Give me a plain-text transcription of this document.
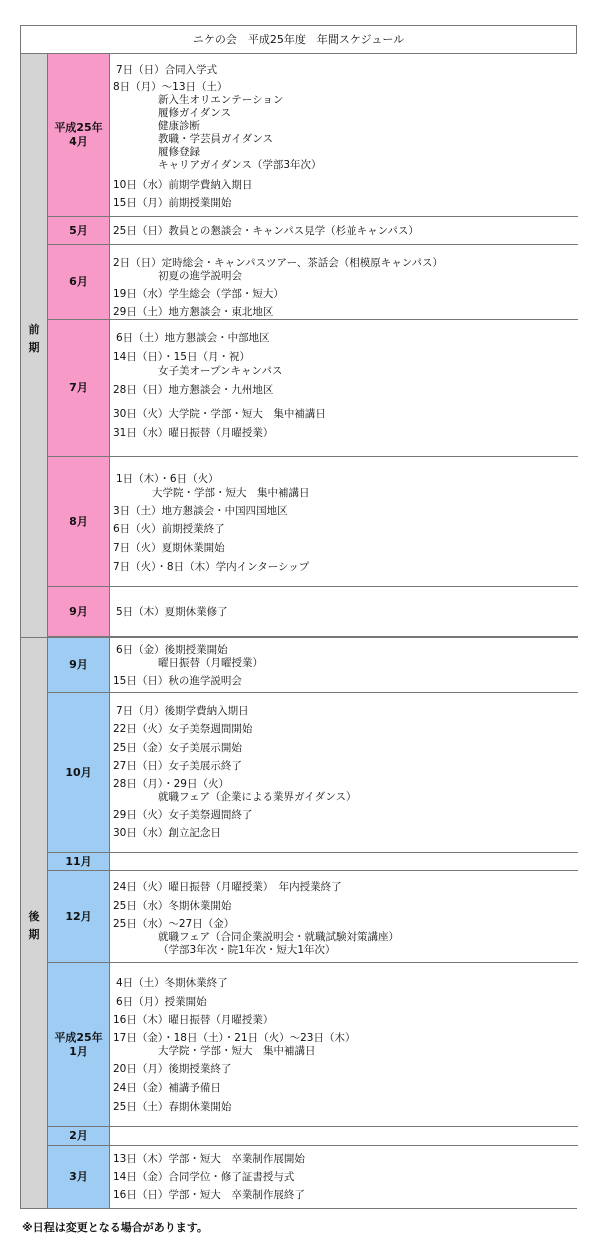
ニケの会　平成25年度　年間スケジュール
前
期
後
期
平成25年
4月
7日（日）合同入学式
8日（月）～13日（土）
新入生オリエンテーション
履修ガイダンス
健康診断
教職・学芸員ガイダンス
履修登録
キャリアガイダンス（学部3年次）
10日（水）前期学費納入期日
15日（月）前期授業開始
5月 25日（日）教員との懇談会・キャンパス見学（杉並キャンパス）
6月
2日（日）定時総会・キャンパスツアー、茶話会（相模原キャンパス）
初夏の進学説明会
19日（水）学生総会（学部・短大）
29日（土）地方懇談会・東北地区
7月
6日（土）地方懇談会・中部地区
14日（日）・15日（月・祝）
女子美オープンキャンパス
28日（日）地方懇談会・九州地区
30日（火）大学院・学部・短大　集中補講日
31日（水）曜日振替（月曜授業）
8月
1日（木）・6日（火）
大学院・学部・短大　集中補講日
3日（土）地方懇談会・中国四国地区
6日（火）前期授業終了
7日（火）夏期休業開始
7日（火）・8日（木）学内インターシップ
9月	5日（木）夏期休業修了
9月
6日（金）後期授業開始
曜日振替（月曜授業）
15日（日）秋の進学説明会
10月
7日（月）後期学費納入期日
22日（火）女子美祭週間開始
25日（金）女子美展示開始
27日（日）女子美展示終了
28日（月）・29日（火）
就職フェア（企業による業界ガイダンス）
29日（火）女子美祭週間終了
30日（水）創立記念日
11月
12月
24日（火）曜日振替（月曜授業）　年内授業終了
25日（水）冬期休業開始
25日（水）～27日（金）
就職フェア（合同企業説明会・就職試験対策講座）
（学部3年次・院1年次・短大1年次）
平成25年
1月
4日（土）冬期休業終了
6日（月）授業開始
16日（木）曜日振替（月曜授業）
17日（金）・18日（土）・21日（火）～23日（木）
大学院・学部・短大　集中補講日
20日（月）後期授業終了
24日（金）補講予備日
25日（土）春期休業開始
2月
3月
13日（木）学部・短大　卒業制作展開始
14日（金）合同学位・修了証書授与式
16日（日）学部・短大　卒業制作展終了
※日程は変更となる場合があります。
